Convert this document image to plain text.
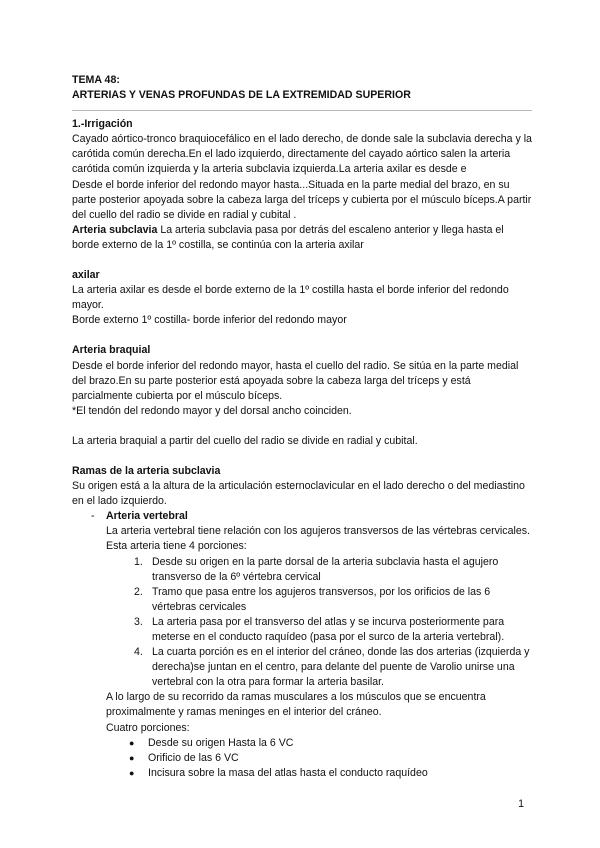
TEMA 48:

ARTERIAS Y VENAS PROFUNDAS DE LA EXTREMIDAD SUPERIOR

1.-Irrigación

Cayado aórtico-tronco braquiocefálico en el lado derecho, de donde sale la subclavia derecha y la carótida común derecha.En el lado izquierdo, directamente del cayado aórtico salen la arteria carótida común izquierda y la arteria subclavia izquierda.La arteria axilar es desde e

Desde el borde inferior del redondo mayor hasta...Situada en la parte medial del brazo, en su parte posterior apoyada sobre la cabeza larga del tríceps y cubierta por el músculo bíceps.A partir del cuello del radio se divide en radial y cubital .

Arteria subclavia La arteria subclavia pasa por detrás del escaleno anterior y llega hasta el borde externo de la 1º costilla, se continúa con la arteria axilar

axilar

La arteria axilar es desde el borde externo de la 1º costilla hasta el borde inferior del redondo mayor.

Borde externo 1º costilla- borde inferior del redondo mayor

Arteria braquial

Desde el borde inferior del redondo mayor, hasta el cuello del radio. Se sitúa en la parte medial del brazo.En su parte posterior está apoyada sobre la cabeza larga del tríceps y está parcialmente cubierta por el músculo bíceps.

*El tendón del redondo mayor y del dorsal ancho coinciden.

La arteria braquial a partir del cuello del radio se divide en radial y cubital.

Ramas de la arteria subclavia

Su origen está a la altura de la articulación esternoclavicular en el lado derecho o del mediastino en el lado izquierdo.

- Arteria vertebral

La arteria vertebral tiene relación con los agujeros transversos de las vértebras cervicales. Esta arteria tiene 4 porciones:

1. Desde su origen en la parte dorsal de la arteria subclavia hasta el agujero transverso de la 6º vértebra cervical
2. Tramo que pasa entre los agujeros transversos, por los orificios de las 6 vértebras cervicales
3. La arteria pasa por el transverso del atlas y se incurva posteriormente para meterse en el conducto raquídeo (pasa por el surco de la arteria vertebral).
4. La cuarta porción es en el interior del cráneo, donde las dos arterias (izquierda y derecha)se juntan en el centro, para delante del puente de Varolio unirse una vertebral con la otra para formar la arteria basilar.

A lo largo de su recorrido da ramas musculares a los músculos que se encuentra proximalmente y ramas meninges en el interior del cráneo.

Cuatro porciones:

● Desde su origen Hasta la 6 VC
● Orificio de las 6 VC
● Incisura sobre la masa del atlas hasta el conducto raquídeo
1
